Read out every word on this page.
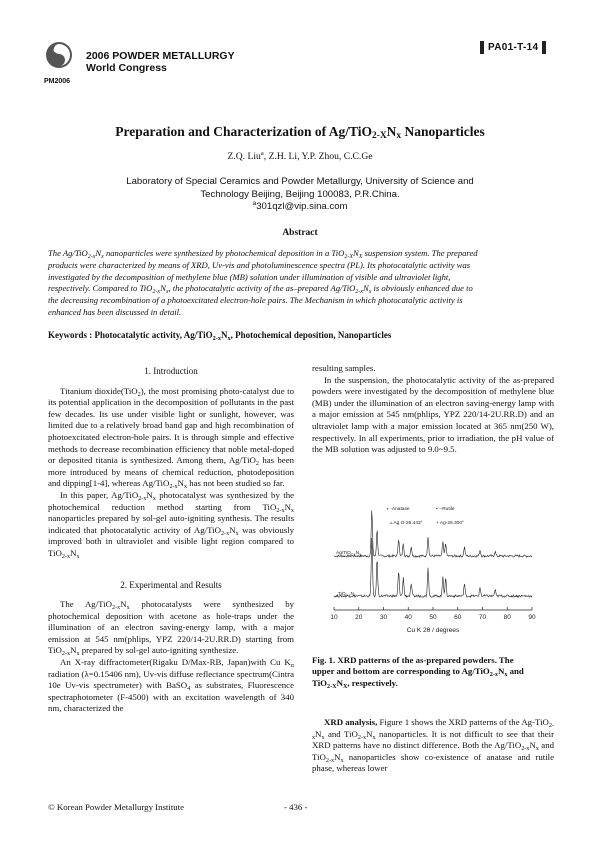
PM2006
2006 POWDER METALLURGY
World Congress
PA01-T-14
Preparation and Characterization of $Ag/TiO_{2-X}N_x$ Nanoparticles
Z.Q. Liu$^a$, Z.H. Li, Y.P. Zhou, C.C.Ge
Laboratory of Special Ceramics and Powder Metallurgy, University of Science and
Technology Beijing, Beijing 100083, P.R.China.
$^a$301qzl@vip.sina.com
Abstract
The $Ag/TiO_{2-x}N_x$ nanoparticles were synthesized by photochemical deposition in a $TiO_{2-X}N_X$ suspension system. The prepared
products were characterized by means of XRD, Uv-vis and photoluminescence spectra (PL). Its photocatalytic activity was
investigated by the decomposition of methylene blue (MB) solution under illumination of visible and ultraviolet light,
respectively. Compared to $TiO_{2-x}N_x$, the photocatalytic activity of the as–prepared $Ag/TiO_{2-x}N_x$ is obviously enhanced due to
the decreasing recombination of a photoexcitated electron-hole pairs. The Mechanism in which photocatalytic activity is
enhanced has been discussed in detail.
Keywords : Photocatalytic activity, $Ag/TiO_{2-x}N_x$, Photochemical deposition, Nanoparticles
1. Introduction

Titanium dioxide(TiO$_2$), the most promising photo-catalyst due to its potential application in the decomposition of pollutants in the past few decades. Its use under visible light or sunlight, however, was limited due to a relatively broad band gap and high recombination of photoexcitated electron-hole pairs. It is through simple and effective methods to decrease recombination efficiency that noble metal-doped or deposited titania is synthesized. Among them, Ag/TiO$_2$ has been more introduced by means of chemical reduction, photodeposition and dipping[1-4], whereas $Ag/TiO_{2-x}N_x$ has not been studied so far.

In this paper, $Ag/TiO_{2-x}N_x$ photocatalyst was synthesized by the photochemical reduction method starting from $TiO_{2-x}N_x$ nanoparticles prepared by sol-gel auto-igniting synthesis. The results indicated that photocatalytic activity of $Ag/TiO_{2-x}N_x$ was obviously improved both in ultraviolet and visible light region compared to $TiO_{2-x}N_x$

2. Experimental and Results

The $Ag/TiO_{2-x}N_x$ photocatalysts were synthesized by photochemical deposition with acetone as hole-traps under the illumination of an electron saving-energy lamp, with a major emission at 545 nm(phlips, YPZ 220/14-2U.RR.D) starting from $TiO_{2-x}N_x$ prepared by sol-gel auto-igniting synthesize.

An X-ray diffractometer(Rigaku D/Max-RB, Japan)with Cu $K_\alpha$ radiation (λ=0.15406 nm), Uv-vis diffuse reflectance spectrum(Cintra 10e Uv-vis spectrumeter) with BaSO$_4$ as substrates, Fluorescence spectraphotometer (F-4500) with an excitation wavelength of 340 nm, characterized the

resulting samples.

In the suspension, the photocatalytic activity of the as-prepared powders were investigated by the decomposition of methylene blue (MB) under the illumination of an electron saving-energy lamp with a major emission at 545 nm(phlips, YPZ 220/14-2U.RR.D) and an ultraviolet lamp with a major emission located at 365 nm(250 W), respectively. In all experiments, prior to irradiation, the pH value of the MB solution was adjusted to 9.0~9.5.

10	20	30	40	50	60	70	80	90
∘ -Anatase	• --Rutile
▵ Ag O-26.443°	+ Ag-28.300°
$Ag/TiO_{2-x}N_x$
$TiO_{2-x}N_x$
Cu K 2θ / degrees
Fig. 1. XRD patterns of the as-prepared powders. The
upper and bottom are corresponding to $Ag/TiO_{2-x}N_x$ and
$TiO_{2-X}N_X$, respectively.

XRD analysis, Figure 1 shows the XRD patterns of the $Ag-TiO_{2-x}N_x$ and $TiO_{2-x}N_x$ nanoparticles. It is not difficult to see that their XRD patterns have no distinct difference. Both the $Ag/TiO_{2-x}N_x$ and $TiO_{2-x}N_x$ nanoparticles show co-existence of anatase and rutile phase, whereas lower

© Korean Powder Metallurgy Institute	- 436 -
